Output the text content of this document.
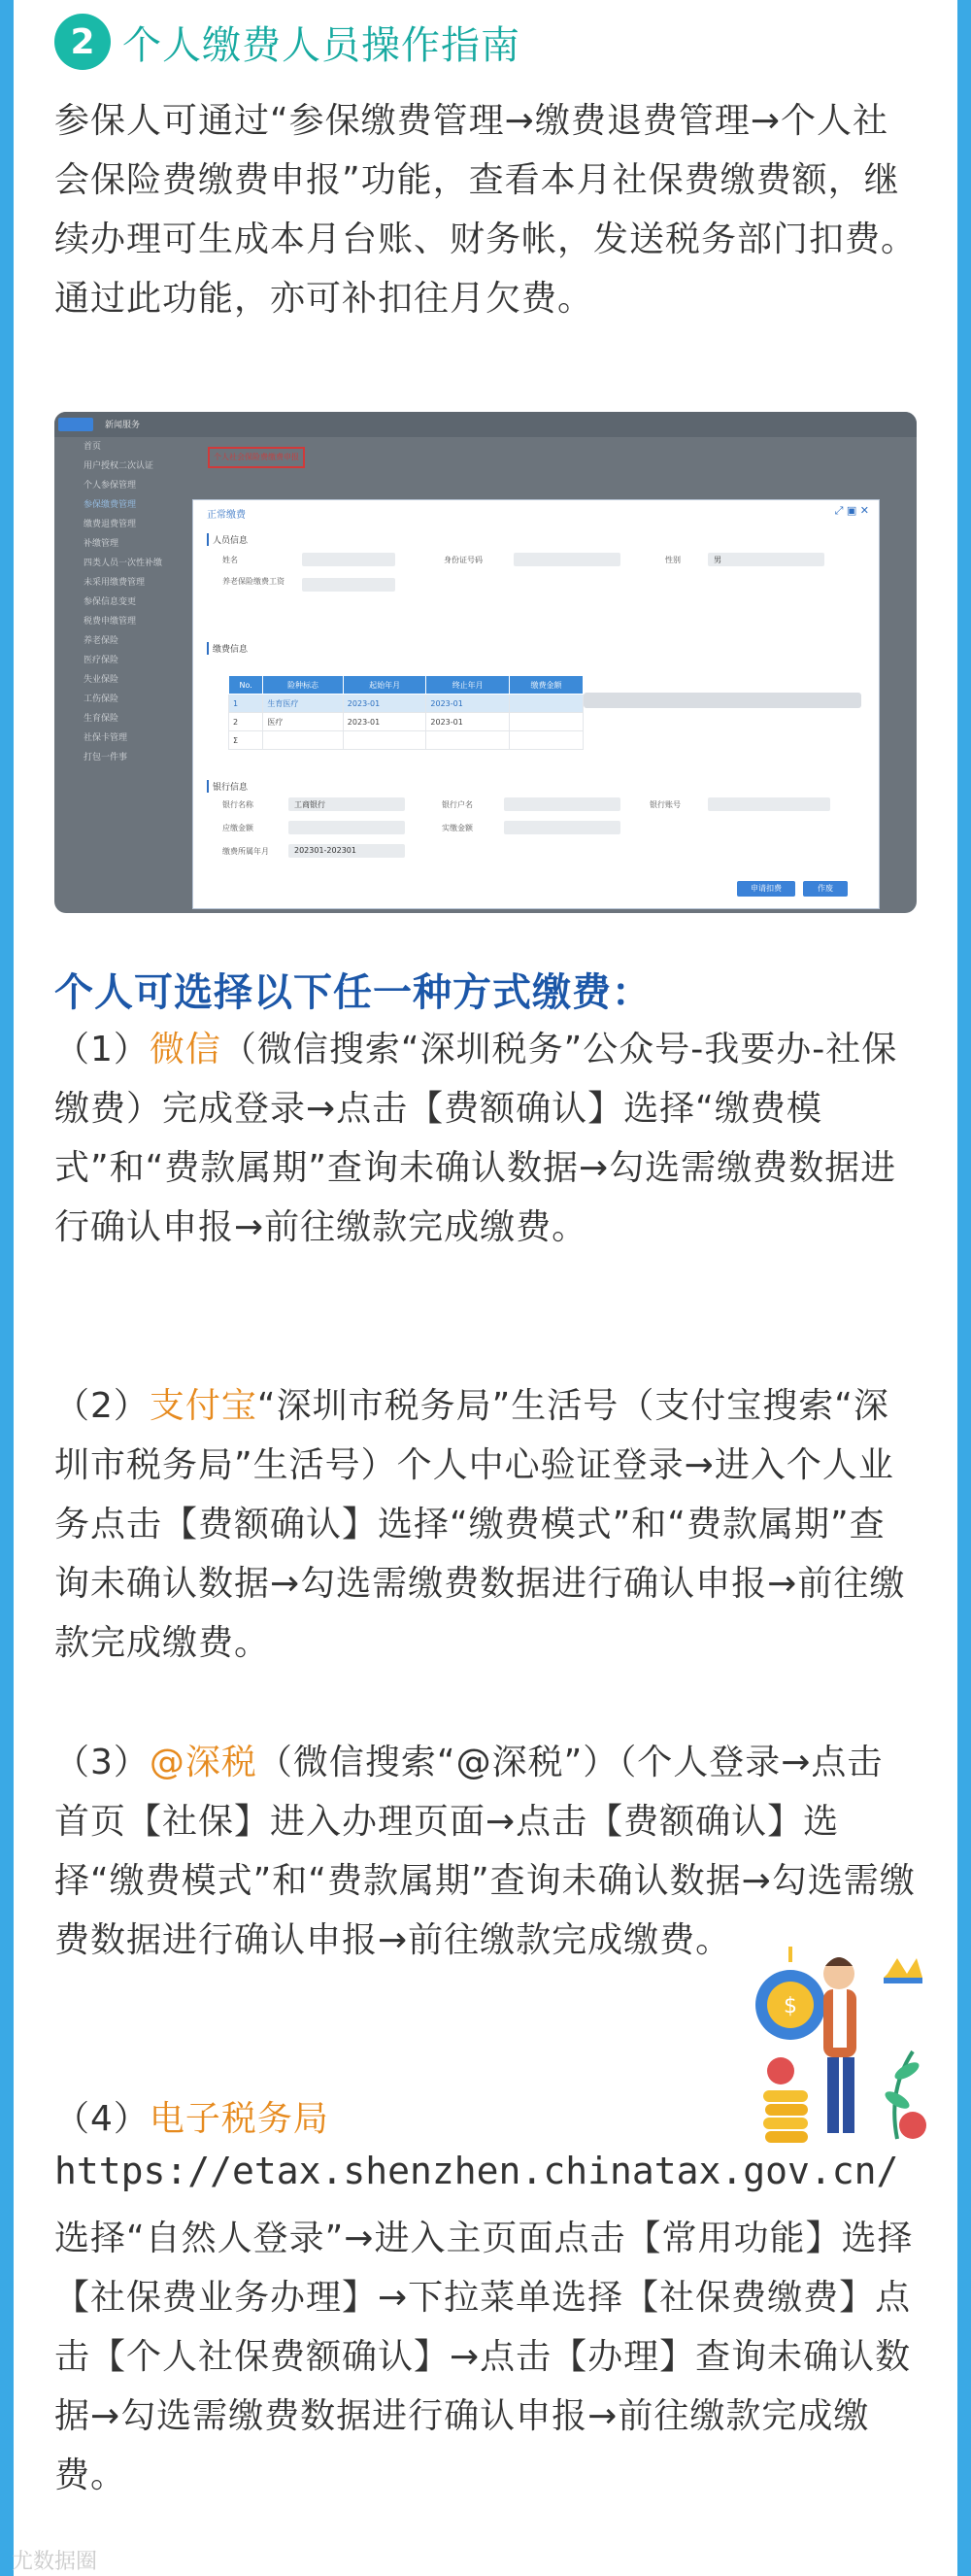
2 个人缴费人员操作指南
参保人可通过“参保缴费管理→缴费退费管理→个人社会保险费缴费申报”功能，查看本月社保费缴费额，继续办理可生成本月台账、财务帐，发送税务部门扣费。通过此功能，亦可补扣往月欠费。
新闻服务
首页
用户授权二次认证
个人参保管理
参保缴费管理
缴费退费管理
补缴管理
四类人员一次性补缴
未采用缴费管理
参保信息变更
税费申缴管理
养老保险
医疗保险
失业保险
工伤保险
生育保险
社保卡管理
打包一件事
个人社会保险费缴费申报
正常缴费	⤢ ▣ ✕
人员信息
姓名	身份证号码	性别	男
养老保险缴费工资
缴费信息
No.	险种标志	起始年月	终止年月	缴费金额
1	生育医疗	2023-01	2023-01	
2	医疗	2023-01	2023-01	
Σ				
银行信息
银行名称	工商银行	银行户名	银行账号
应缴金额	实缴金额
缴费所属年月	202301-202301
申请扣费	作废
个人可选择以下任一种方式缴费：
（1）微信（微信搜索“深圳税务”公众号-我要办-社保缴费）完成登录→点击【费额确认】选择“缴费模式”和“费款属期”查询未确认数据→勾选需缴费数据进行确认申报→前往缴款完成缴费。
（2）支付宝“深圳市税务局”生活号（支付宝搜索“深圳市税务局”生活号）个人中心验证登录→进入个人业务点击【费额确认】选择“缴费模式”和“费款属期”查询未确认数据→勾选需缴费数据进行确认申报→前往缴款完成缴费。
（3）@深税（微信搜索“@深税”）（个人登录→点击首页【社保】进入办理页面→点击【费额确认】选择“缴费模式”和“费款属期”查询未确认数据→勾选需缴费数据进行确认申报→前往缴款完成缴费。
$
（4）电子税务局
https://etax.shenzhen.chinatax.gov.cn/
选择“自然人登录”→进入主页面点击【常用功能】选择【社保费业务办理】→下拉菜单选择【社保费缴费】点击【个人社保费额确认】→点击【办理】查询未确认数据→勾选需缴费数据进行确认申报→前往缴款完成缴费。
尤数据圈
